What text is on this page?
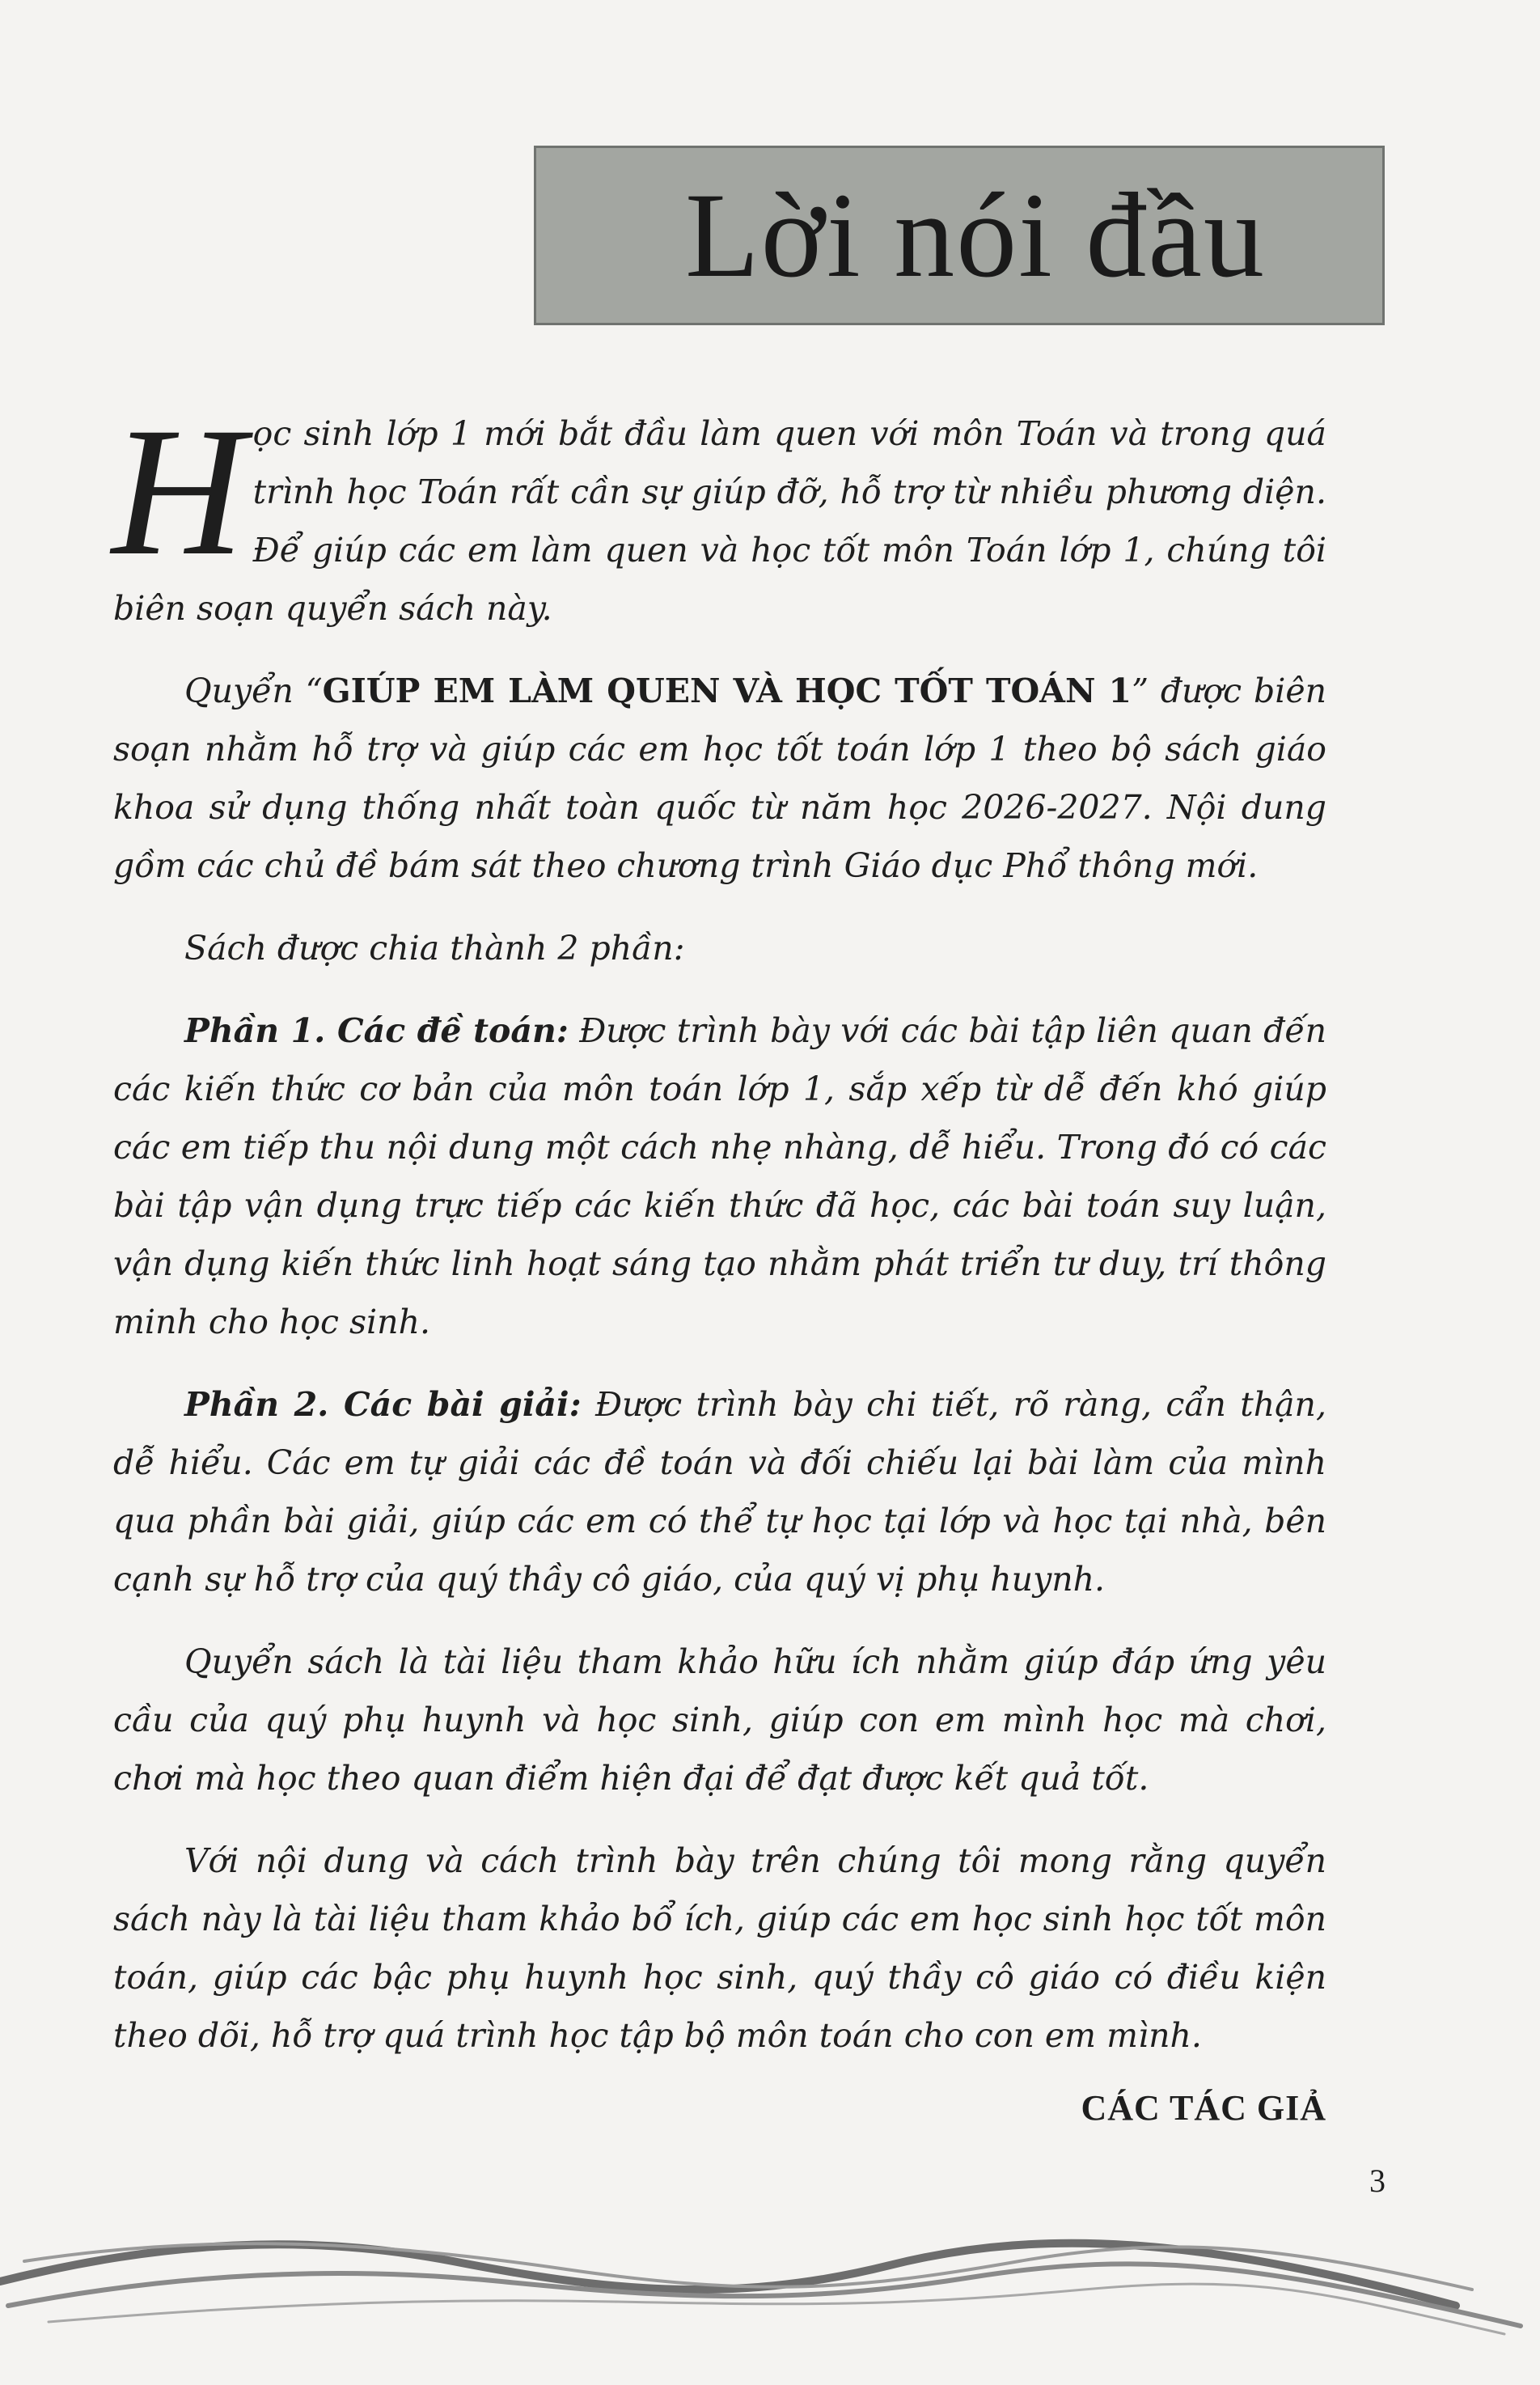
Lời nói đầu

Học sinh lớp 1 mới bắt đầu làm quen với môn Toán và trong quá trình học Toán rất cần sự giúp đỡ, hỗ trợ từ nhiều phương diện. Để giúp các em làm quen và học tốt môn Toán lớp 1, chúng tôi biên soạn quyển sách này.

Quyển “GIÚP EM LÀM QUEN VÀ HỌC TỐT TOÁN 1” được biên soạn nhằm hỗ trợ và giúp các em học tốt toán lớp 1 theo bộ sách giáo khoa sử dụng thống nhất toàn quốc từ năm học 2026-2027. Nội dung gồm các chủ đề bám sát theo chương trình Giáo dục Phổ thông mới.

Sách được chia thành 2 phần:

Phần 1. Các đề toán: Được trình bày với các bài tập liên quan đến các kiến thức cơ bản của môn toán lớp 1, sắp xếp từ dễ đến khó giúp các em tiếp thu nội dung một cách nhẹ nhàng, dễ hiểu. Trong đó có các bài tập vận dụng trực tiếp các kiến thức đã học, các bài toán suy luận, vận dụng kiến thức linh hoạt sáng tạo nhằm phát triển tư duy, trí thông minh cho học sinh.

Phần 2. Các bài giải: Được trình bày chi tiết, rõ ràng, cẩn thận, dễ hiểu. Các em tự giải các đề toán và đối chiếu lại bài làm của mình qua phần bài giải, giúp các em có thể tự học tại lớp và học tại nhà, bên cạnh sự hỗ trợ của quý thầy cô giáo, của quý vị phụ huynh.

Quyển sách là tài liệu tham khảo hữu ích nhằm giúp đáp ứng yêu cầu của quý phụ huynh và học sinh, giúp con em mình học mà chơi, chơi mà học theo quan điểm hiện đại để đạt được kết quả tốt.

Với nội dung và cách trình bày trên chúng tôi mong rằng quyển sách này là tài liệu tham khảo bổ ích, giúp các em học sinh học tốt môn toán, giúp các bậc phụ huynh học sinh, quý thầy cô giáo có điều kiện theo dõi, hỗ trợ quá trình học tập bộ môn toán cho con em mình.

CÁC TÁC GIẢ
3
